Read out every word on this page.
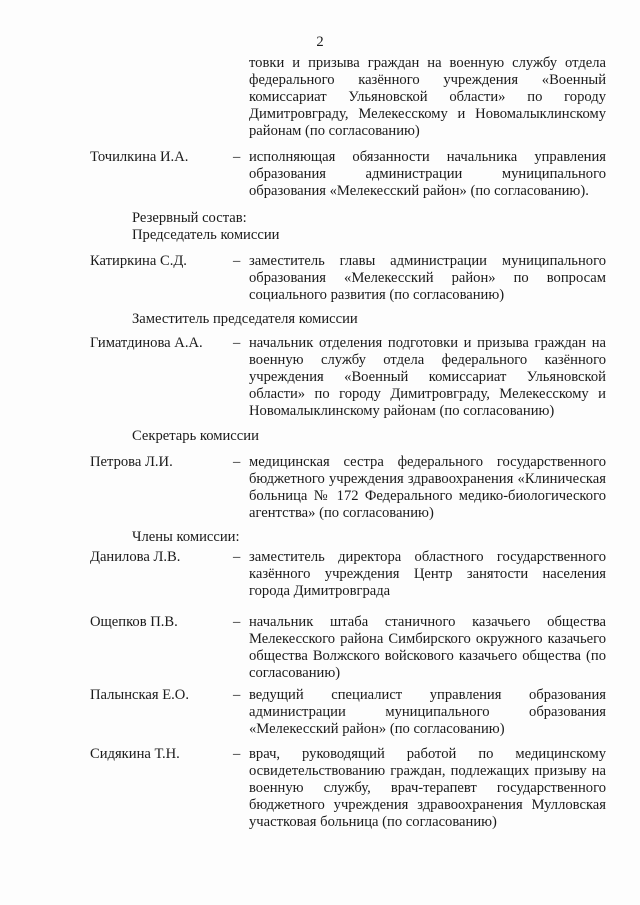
2
товки и призыва граждан на военную службу отдела федерального казённого учреждения «Военный комиссариат Ульяновской области» по городу Димитровграду, Мелекесскому и Новомалыклинскому районам (по согласованию)
Точилкина И.А.	– исполняющая обязанности начальника управления образования администрации муниципального образования «Мелекесский район» (по согласованию).
Резервный состав:
Председатель комиссии
Катиркина С.Д.	– заместитель главы администрации муниципального образования «Мелекесский район» по вопросам социального развития (по согласованию)
Заместитель председателя комиссии
Гиматдинова А.А. – начальник отделения подготовки и призыва граждан на военную службу отдела федерального казённого учреждения «Военный комиссариат Ульяновской области» по городу Димитровграду, Мелекесскому и Новомалыклинскому районам (по согласованию)
Секретарь комиссии
Петрова Л.И.	– медицинская сестра федерального государственного бюджетного учреждения здравоохранения «Клиническая больница № 172 Федерального медико-биологического агентства» (по согласованию)
Члены комиссии:
Данилова Л.В.	– заместитель директора областного государственного казённого учреждения Центр занятости населения города Димитровграда
Ощепков П.В.	– начальник штаба станичного казачьего общества Мелекесского района Симбирского окружного казачьего общества Волжского войскового казачьего общества (по согласованию)
Палынская Е.О.	– ведущий специалист управления образования администрации муниципального образования «Мелекесский район» (по согласованию)
Сидякина Т.Н.	– врач, руководящий работой по медицинскому освидетельствованию граждан, подлежащих призыву на военную службу, врач-терапевт государственного бюджетного учреждения здравоохранения Мулловская участковая больница (по согласованию)
